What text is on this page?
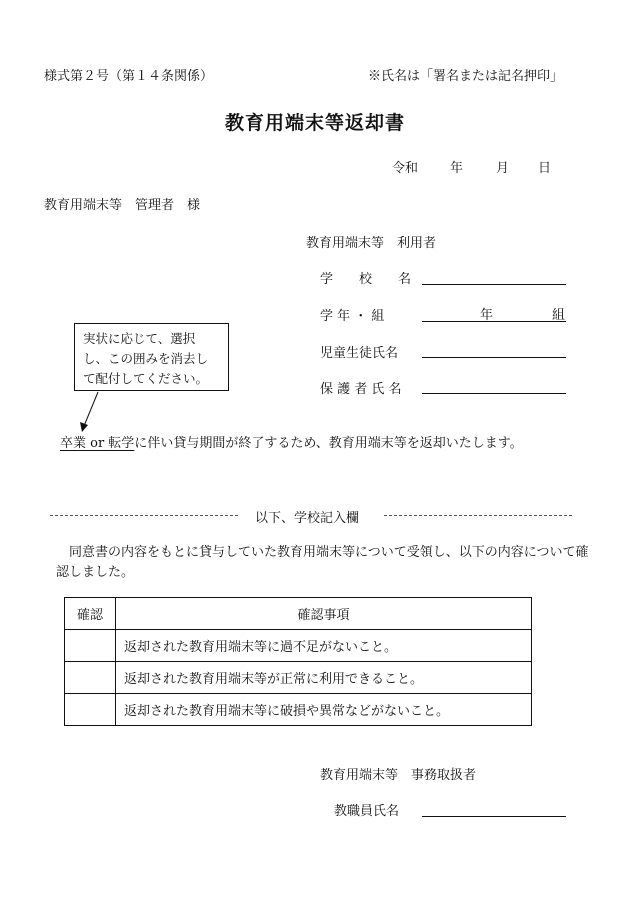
様式第２号（第１４条関係）	※氏名は「署名または記名押印」
教育用端末等返却書
令和 年	月 日
教育用端末等　管理者　様
教育用端末等　利用者
学　　校　　名
学 年 ・ 組	年	組
児童生徒氏名
保 護 者 氏 名
実状に応じて、選択し、この囲みを消去して配付してください。
卒業 or 転学に伴い貸与期間が終了するため、教育用端末等を返却いたします。
以下、学校記入欄
　同意書の内容をもとに貸与していた教育用端末等について受領し、以下の内容について確認しました。
確認	確認事項
	返却された教育用端末等に過不足がないこと。
	返却された教育用端末等が正常に利用できること。
	返却された教育用端末等に破損や異常などがないこと。
教育用端末等　事務取扱者
教職員氏名
